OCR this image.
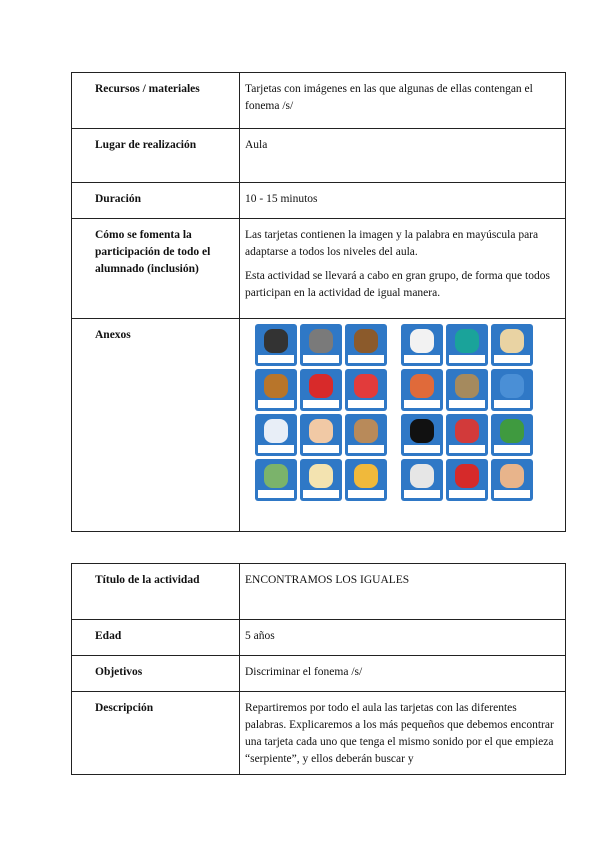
Recursos / materiales	Tarjetas con imágenes en las que algunas de ellas contengan el fonema /s/
Lugar de realización	Aula
Duración	10 - 15 minutos
Cómo se fomenta la participación de todo el alumnado (inclusión)	Las tarjetas contienen la imagen y la palabra en mayúscula para adaptarse a todos los niveles del aula.

Esta actividad se llevará a cabo en gran grupo, de forma que todos participan en la actividad de igual manera.

Anexos	
Título de la actividad	ENCONTRAMOS LOS IGUALES
Edad	5 años
Objetivos	Discriminar el fonema /s/
Descripción	Repartiremos por todo el aula las tarjetas con las diferentes palabras. Explicaremos a los más pequeños que debemos encontrar una tarjeta cada uno que tenga el mismo sonido por el que empieza “serpiente”, y ellos deberán buscar y
